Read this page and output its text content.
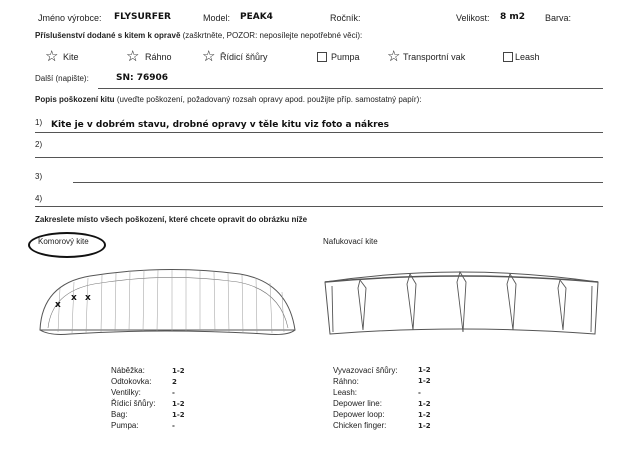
Jméno výrobce: FLYSURFER	Model: PEAK4	Ročník:	Velikost: 8 m2 Barva:
Příslušenství dodané s kitem k opravě (zaškrtněte, POZOR: neposílejte nepotřebné věci):
☆ Kite	☆ Ráhno ☆ Řídicí šňůry	Pumpa ☆ Transportní vak	Leash
Další (napište):	SN: 76906
Popis poškození kitu (uveďte poškození, požadovaný rozsah opravy apod. použijte příp. samostatný papír):
1) Kite je v dobrém stavu, drobné opravy v těle kitu viz foto a nákres
2)
3)
4)
Zakreslete místo všech poškození, které chcete opravit do obrázku níže
Komorový kite	Nafukovací kite
x
x x
Náběžka:	1-2
Odtokovka:	2
Ventilky:	-
Řídicí šňůry: 1-2
Bag:	1-2
Pumpa:	-
Vyvazovací šňůry:	1-2
Ráhno:	1-2
Leash:	-
Depower line:	1-2
Depower loop:	1-2
Chicken finger:	1-2
